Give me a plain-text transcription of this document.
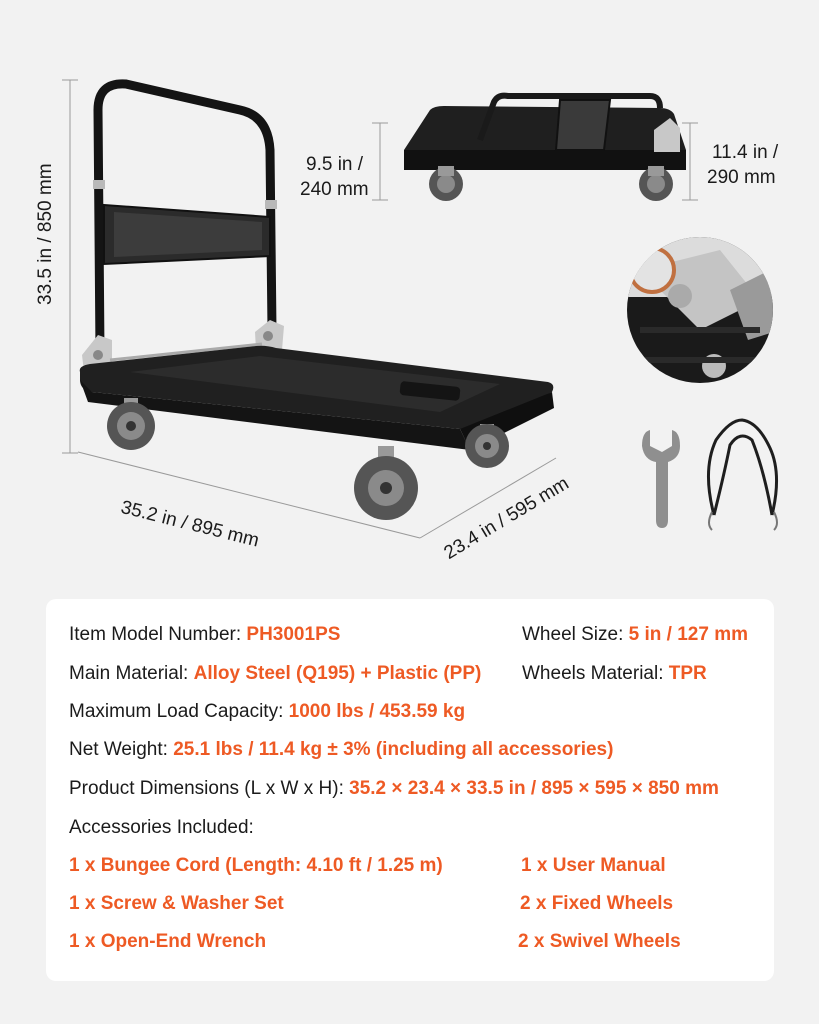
33.5 in / 850 mm
35.2 in / 895 mm	23.4 in / 595 mm
9.5 in /
240 mm
11.4 in /
290 mm
Item Model Number: PH3001PS	Wheel Size: 5 in / 127 mm
Main Material: Alloy Steel (Q195) + Plastic (PP) Wheels Material: TPR
Maximum Load Capacity: 1000 lbs / 453.59 kg
Net Weight: 25.1 lbs / 11.4 kg ± 3% (including all accessories)
Product Dimensions (L x W x H): 35.2 × 23.4 × 33.5 in / 895 × 595 × 850 mm
Accessories Included:
1 x Bungee Cord (Length: 4.10 ft / 1.25 m)	1 x User Manual
1 x Screw & Washer Set	2 x Fixed Wheels
1 x Open-End Wrench	2 x Swivel Wheels
